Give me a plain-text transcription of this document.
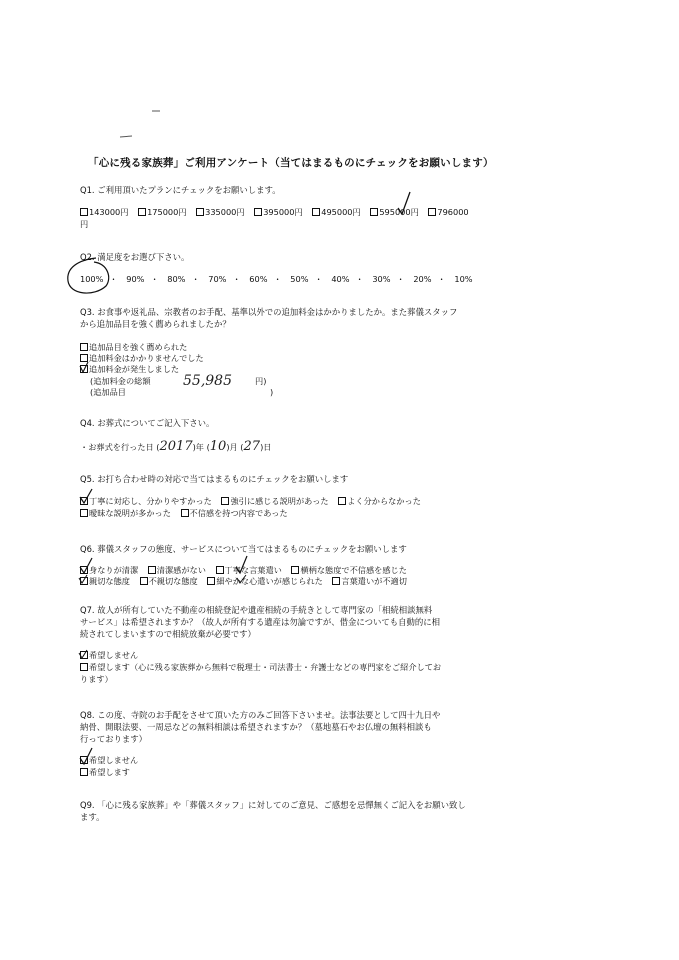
「心に残る家族葬」ご利用アンケート（当てはまるものにチェックをお願いします）
Q1. ご利用頂いたプランにチェックをお願いします。
143000円 175000円 335000円 395000円 495000円 595000円 796000
円
Q2. 満足度をお選び下さい。
100% ・ 90% ・ 80% ・ 70% ・ 60% ・ 50% ・ 40% ・ 30% ・ 20% ・ 10%
Q3. お食事や返礼品、宗教者のお手配、基準以外での追加料金はかかりましたか。また葬儀スタッフ
から追加品目を強く薦められましたか？
追加品目を強く薦められた
追加料金はかかりませんでした
追加料金が発生しました
(追加料金の総額 55,985	円)
(追加品目	)
Q4. お葬式についてご記入下さい。
・お葬式を行った日 (2017)年 (10)月 (27)日
Q5. お打ち合わせ時の対応で当てはまるものにチェックをお願いします
丁寧に対応し、分かりやすかった 強引に感じる説明があった よく分からなかった
曖昧な説明が多かった 不信感を持つ内容であった
Q6. 葬儀スタッフの態度、サービスについて当てはまるものにチェックをお願いします
身なりが清潔 清潔感がない 丁寧な言葉遣い 横柄な態度で不信感を感じた
親切な態度 不親切な態度 細やかな心遣いが感じられた 言葉遣いが不適切
Q7. 故人が所有していた不動産の相続登記や遺産相続の手続きとして専門家の「相続相談無料
サービス」は希望されますか？（故人が所有する遺産は勿論ですが、借金についても自動的に相
続されてしまいますので相続放棄が必要です）
希望しません
希望します（心に残る家族葬から無料で税理士・司法書士・弁護士などの専門家をご紹介してお
ります）
Q8. この度、寺院のお手配をさせて頂いた方のみご回答下さいませ。法事法要として四十九日や
納骨、開眼法要、一周忌などの無料相談は希望されますか？（墓地墓石やお仏壇の無料相談も
行っております）
希望しません
希望します
Q9. 「心に残る家族葬」や「葬儀スタッフ」に対してのご意見、ご感想を忌憚無くご記入をお願い致し
ます。
